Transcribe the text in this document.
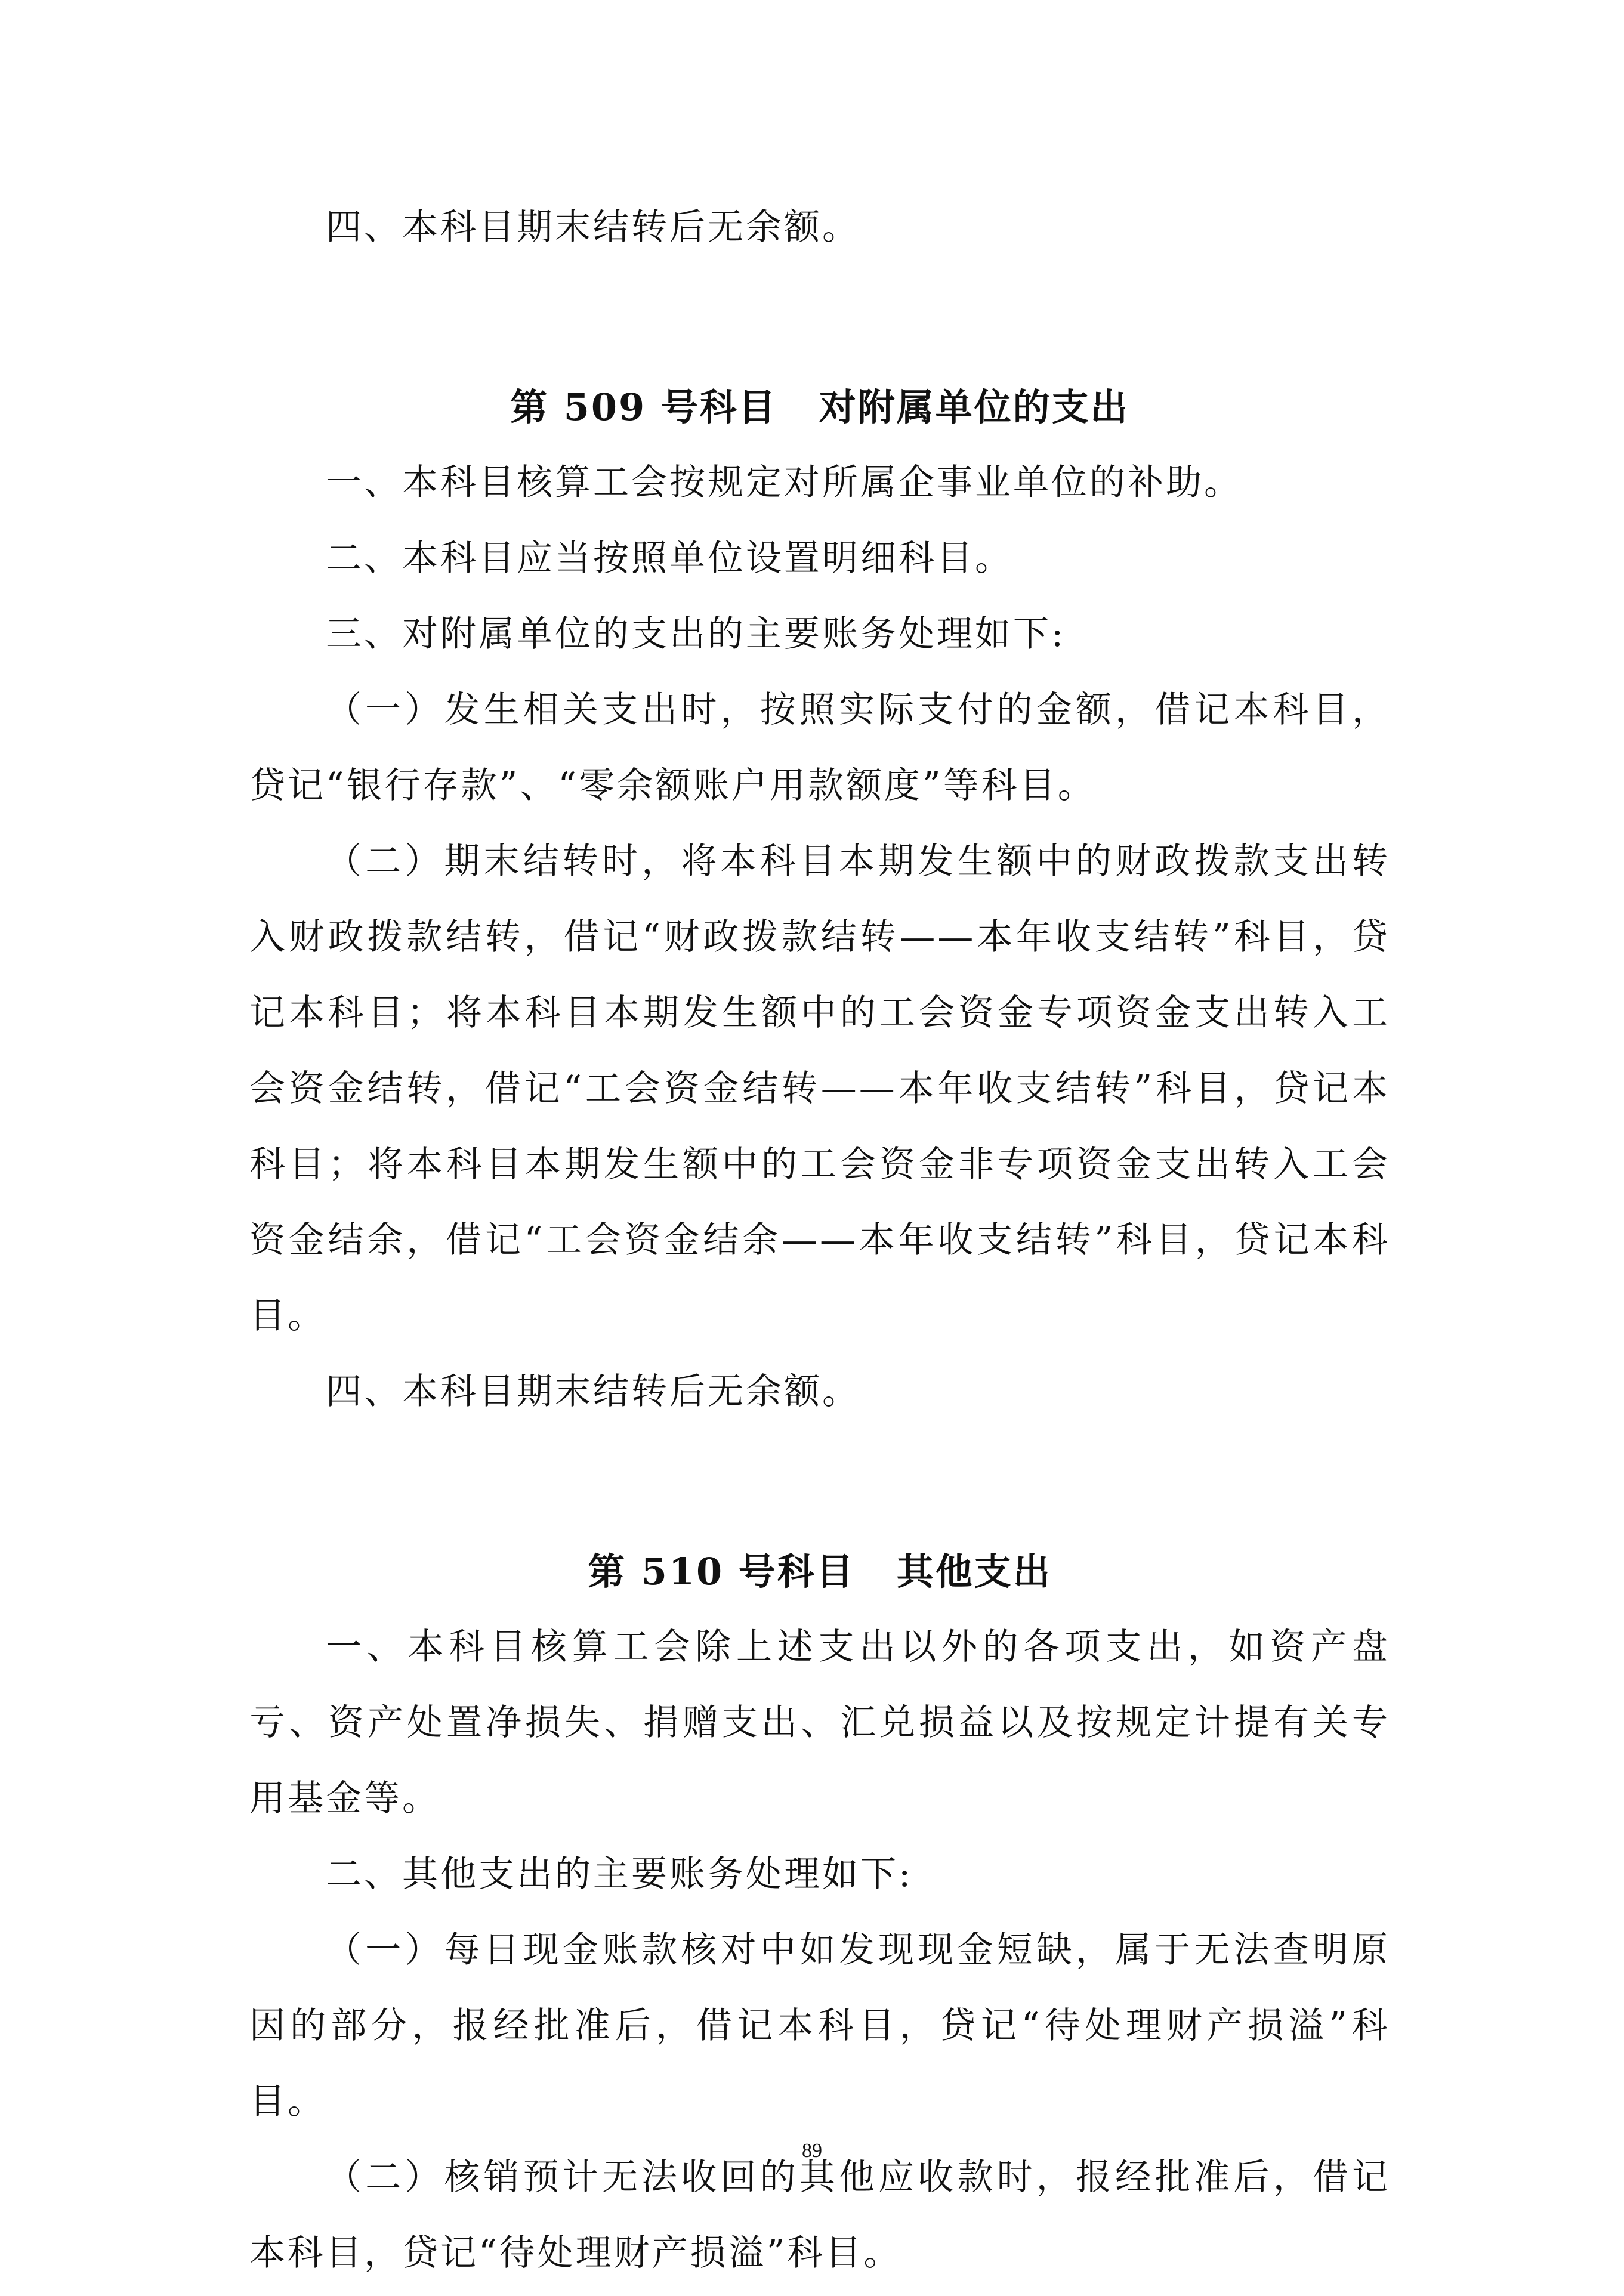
四、本科目期末结转后无余额。

第 509 号科目 对附属单位的支出

一、本科目核算工会按规定对所属企事业单位的补助。

二、本科目应当按照单位设置明细科目。

三、对附属单位的支出的主要账务处理如下:

（一）发生相关支出时，按照实际支付的金额，借记本科目，贷记“银行存款”、“零余额账户用款额度”等科目。

（二）期末结转时，将本科目本期发生额中的财政拨款支出转入财政拨款结转，借记“财政拨款结转——本年收支结转”科目，贷记本科目；将本科目本期发生额中的工会资金专项资金支出转入工会资金结转，借记“工会资金结转——本年收支结转”科目，贷记本科目；将本科目本期发生额中的工会资金非专项资金支出转入工会资金结余，借记“工会资金结余——本年收支结转”科目，贷记本科目。

四、本科目期末结转后无余额。

第 510 号科目 其他支出

一、本科目核算工会除上述支出以外的各项支出，如资产盘亏、资产处置净损失、捐赠支出、汇兑损益以及按规定计提有关专用基金等。

二、其他支出的主要账务处理如下:

（一）每日现金账款核对中如发现现金短缺，属于无法查明原因的部分，报经批准后，借记本科目，贷记“待处理财产损溢”科目。

（二）核销预计无法收回的其他应收款时，报经批准后，借记本科目，贷记“待处理财产损溢”科目。

89
